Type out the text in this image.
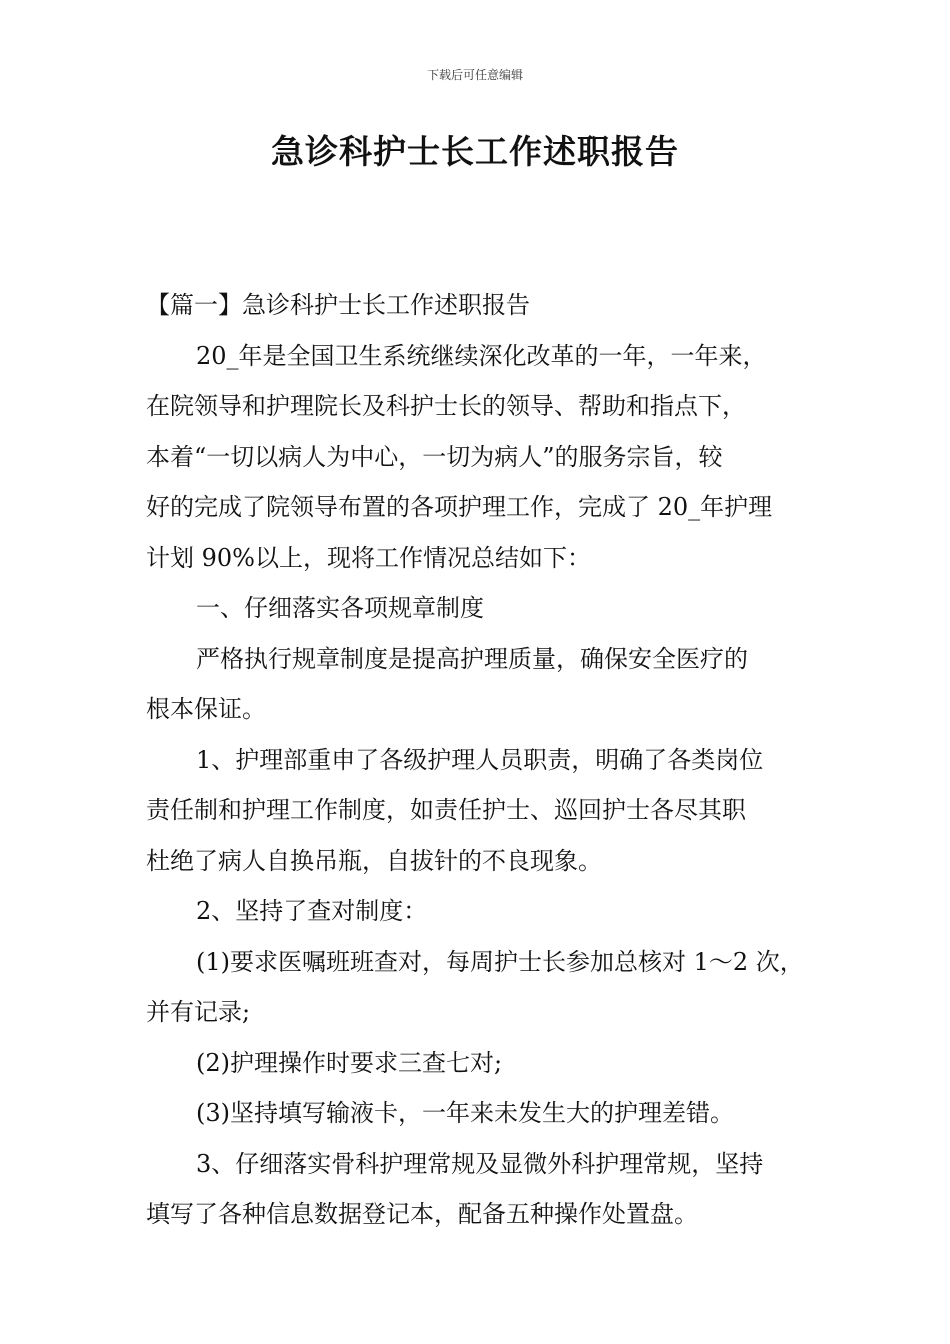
下载后可任意编辑
急诊科护士长工作述职报告

【篇一】急诊科护士长工作述职报告

20_年是全国卫生系统继续深化改革的一年，一年来，

在院领导和护理院长及科护士长的领导、帮助和指点下，

本着“一切以病人为中心，一切为病人”的服务宗旨，较

好的完成了院领导布置的各项护理工作，完成了 20_年护理

计划 90%以上，现将工作情况总结如下：

一、仔细落实各项规章制度

严格执行规章制度是提高护理质量，确保安全医疗的

根本保证。

1、护理部重申了各级护理人员职责，明确了各类岗位

责任制和护理工作制度，如责任护士、巡回护士各尽其职

杜绝了病人自换吊瓶，自拔针的不良现象。

2、坚持了查对制度：

(1)要求医嘱班班查对，每周护士长参加总核对 1～2 次，

并有记录;

(2)护理操作时要求三查七对;

(3)坚持填写输液卡，一年来未发生大的护理差错。

3、仔细落实骨科护理常规及显微外科护理常规，坚持

填写了各种信息数据登记本，配备五种操作处置盘。
